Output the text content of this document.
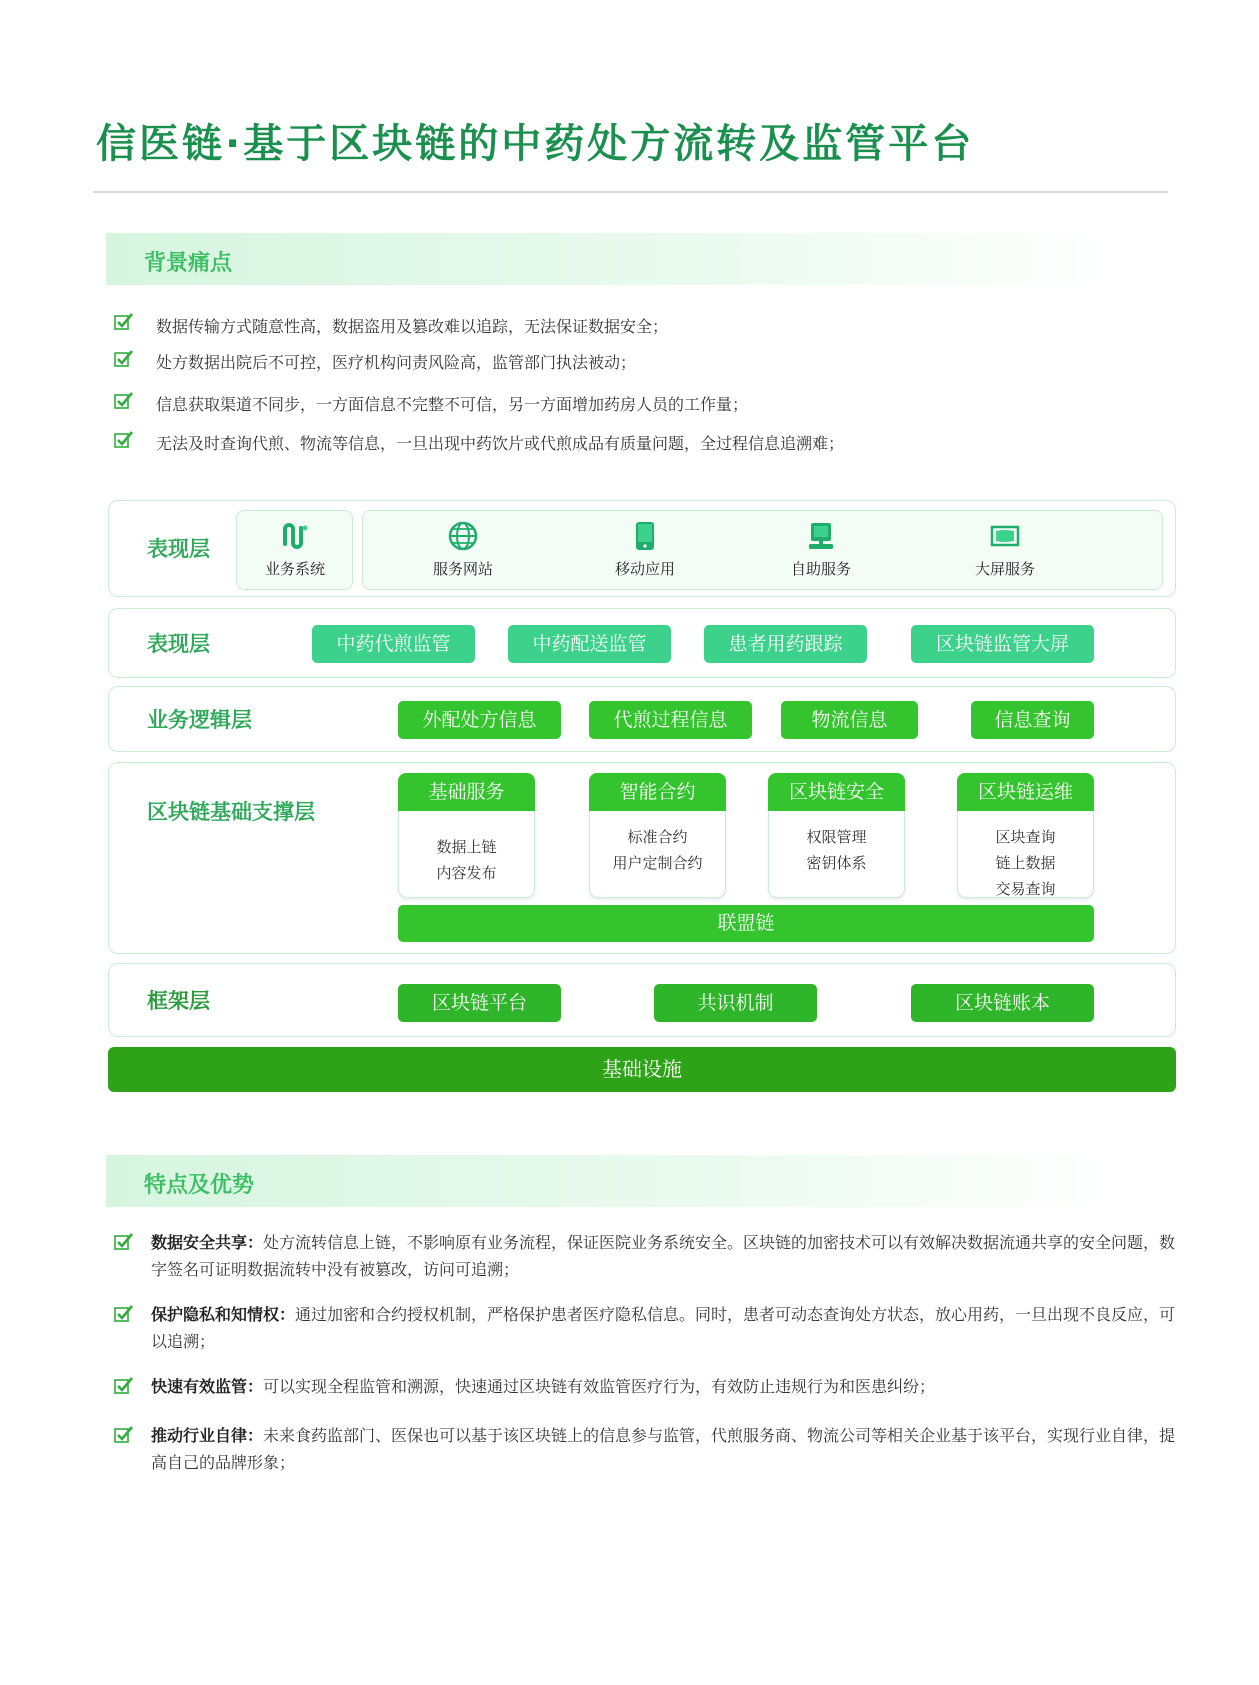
信医链·基于区块链的中药处方流转及监管平台
背景痛点
数据传输方式随意性高，数据盗用及篡改难以追踪，无法保证数据安全；
处方数据出院后不可控，医疗机构问责风险高，监管部门执法被动；
信息获取渠道不同步，一方面信息不完整不可信，另一方面增加药房人员的工作量；
无法及时查询代煎、物流等信息，一旦出现中药饮片或代煎成品有质量问题，全过程信息追溯难；
表现层
业务系统	服务网站	移动应用	自助服务	大屏服务
表现层	中药代煎监管	中药配送监管	患者用药跟踪	区块链监管大屏
业务逻辑层	外配处方信息	代煎过程信息	物流信息	信息查询
区块链基础支撑层
基础服务
数据上链
内容发布
智能合约
标准合约
用户定制合约
区块链安全
权限管理
密钥体系
区块链运维
区块查询
链上数据
交易查询
联盟链
框架层	区块链平台	共识机制	区块链账本
基础设施
特点及优势
数据安全共享：处方流转信息上链，不影响原有业务流程，保证医院业务系统安全。区块链的加密技术可以有效解决数据流通共享的安全问题，数字签名可证明数据流转中没有被篡改，访问可追溯；
保护隐私和知情权：通过加密和合约授权机制，严格保护患者医疗隐私信息。同时，患者可动态查询处方状态，放心用药，一旦出现不良反应，可以追溯；
快速有效监管：可以实现全程监管和溯源，快速通过区块链有效监管医疗行为，有效防止违规行为和医患纠纷；
推动行业自律：未来食药监部门、医保也可以基于该区块链上的信息参与监管，代煎服务商、物流公司等相关企业基于该平台，实现行业自律，提高自己的品牌形象；
